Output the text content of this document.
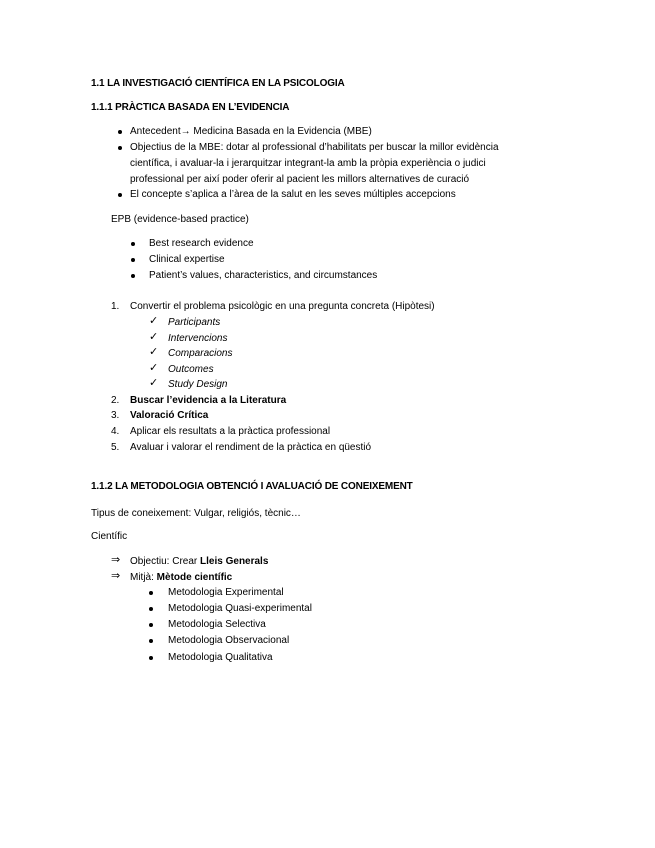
1.1 LA INVESTIGACIÓ CIENTÍFICA EN LA PSICOLOGIA
1.1.1 PRÀCTICA BASADA EN L’EVIDENCIA
Antecedent→ Medicina Basada en la Evidencia (MBE)
Objectius de la MBE: dotar al professional d’habilitats per buscar la millor evidència
científica, i avaluar-la i jerarquitzar integrant-la amb la pròpia experiència o judici
professional per així poder oferir al pacient les millors alternatives de curació
El concepte s’aplica a l’àrea de la salut en les seves múltiples accepcions
EPB (evidence-based practice)
Best research evidence
Clinical expertise
Patient’s values, characteristics, and circumstances
1. Convertir el problema psicològic en una pregunta concreta (Hipòtesi)
✓ Participants
✓ Intervencions
✓ Comparacions
✓ Outcomes
✓ Study Design
2. Buscar l’evidencia a la Literatura
3. Valoració Crítica
4. Aplicar els resultats a la pràctica professional
5. Avaluar i valorar el rendiment de la pràctica en qüestió
1.1.2 LA METODOLOGIA OBTENCIÓ I AVALUACIÓ DE CONEIXEMENT
Tipus de coneixement: Vulgar, religiós, tècnic…
Científic
⇒ Objectiu: Crear Lleis Generals
⇒ Mitjà: Mètode científic
Metodologia Experimental
Metodologia Quasi-experimental
Metodologia Selectiva
Metodologia Observacional
Metodologia Qualitativa
